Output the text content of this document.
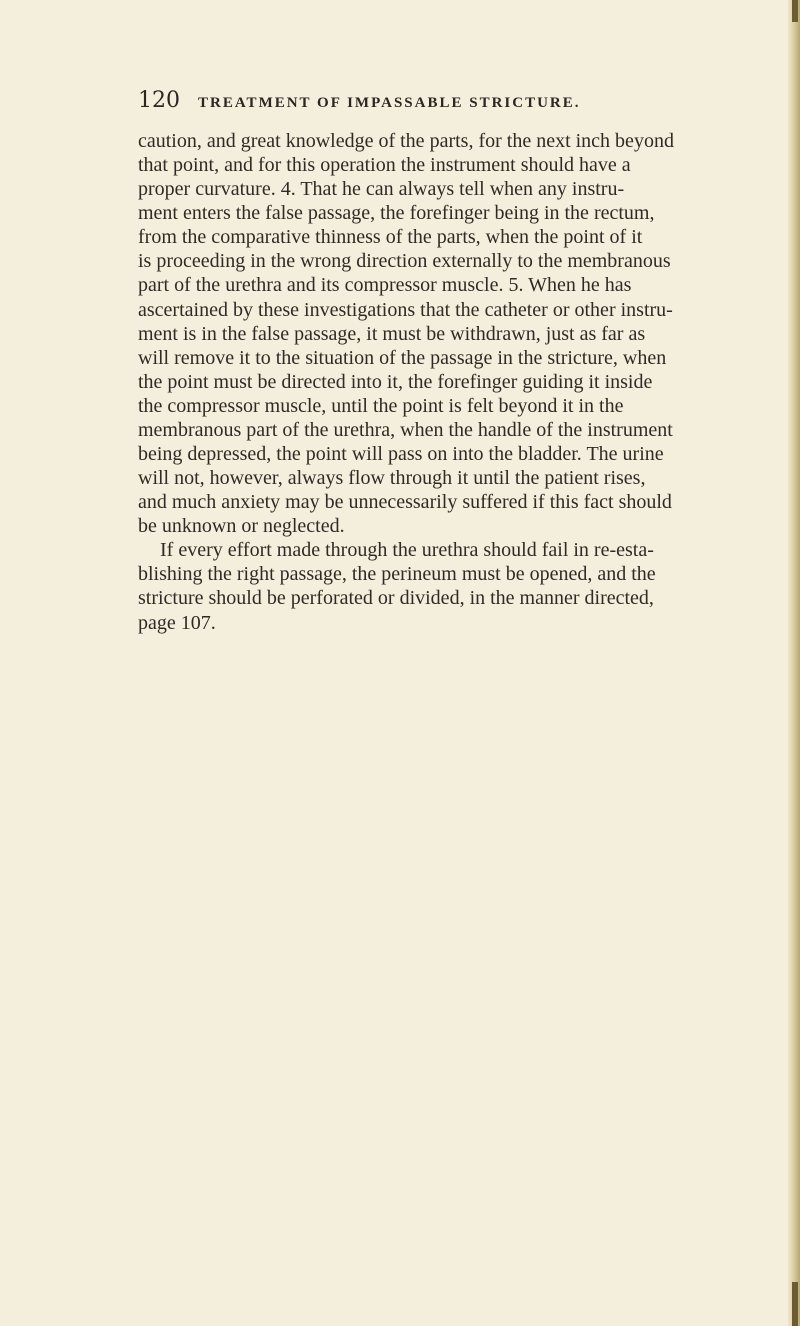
120	TREATMENT OF IMPASSABLE STRICTURE.

caution, and great knowledge of the parts, for the next inch beyond
that point, and for this operation the instrument should have a
proper curvature. 4. That he can always tell when any instru-
ment enters the false passage, the forefinger being in the rectum,
from the comparative thinness of the parts, when the point of it
is proceeding in the wrong direction externally to the membranous
part of the urethra and its compressor muscle. 5. When he has
ascertained by these investigations that the catheter or other instru-
ment is in the false passage, it must be withdrawn, just as far as
will remove it to the situation of the passage in the stricture, when
the point must be directed into it, the forefinger guiding it inside
the compressor muscle, until the point is felt beyond it in the
membranous part of the urethra, when the handle of the instrument
being depressed, the point will pass on into the bladder. The urine
will not, however, always flow through it until the patient rises,
and much anxiety may be unnecessarily suffered if this fact should
be unknown or neglected.

If every effort made through the urethra should fail in re-esta-
blishing the right passage, the perineum must be opened, and the
stricture should be perforated or divided, in the manner directed,
page 107.
